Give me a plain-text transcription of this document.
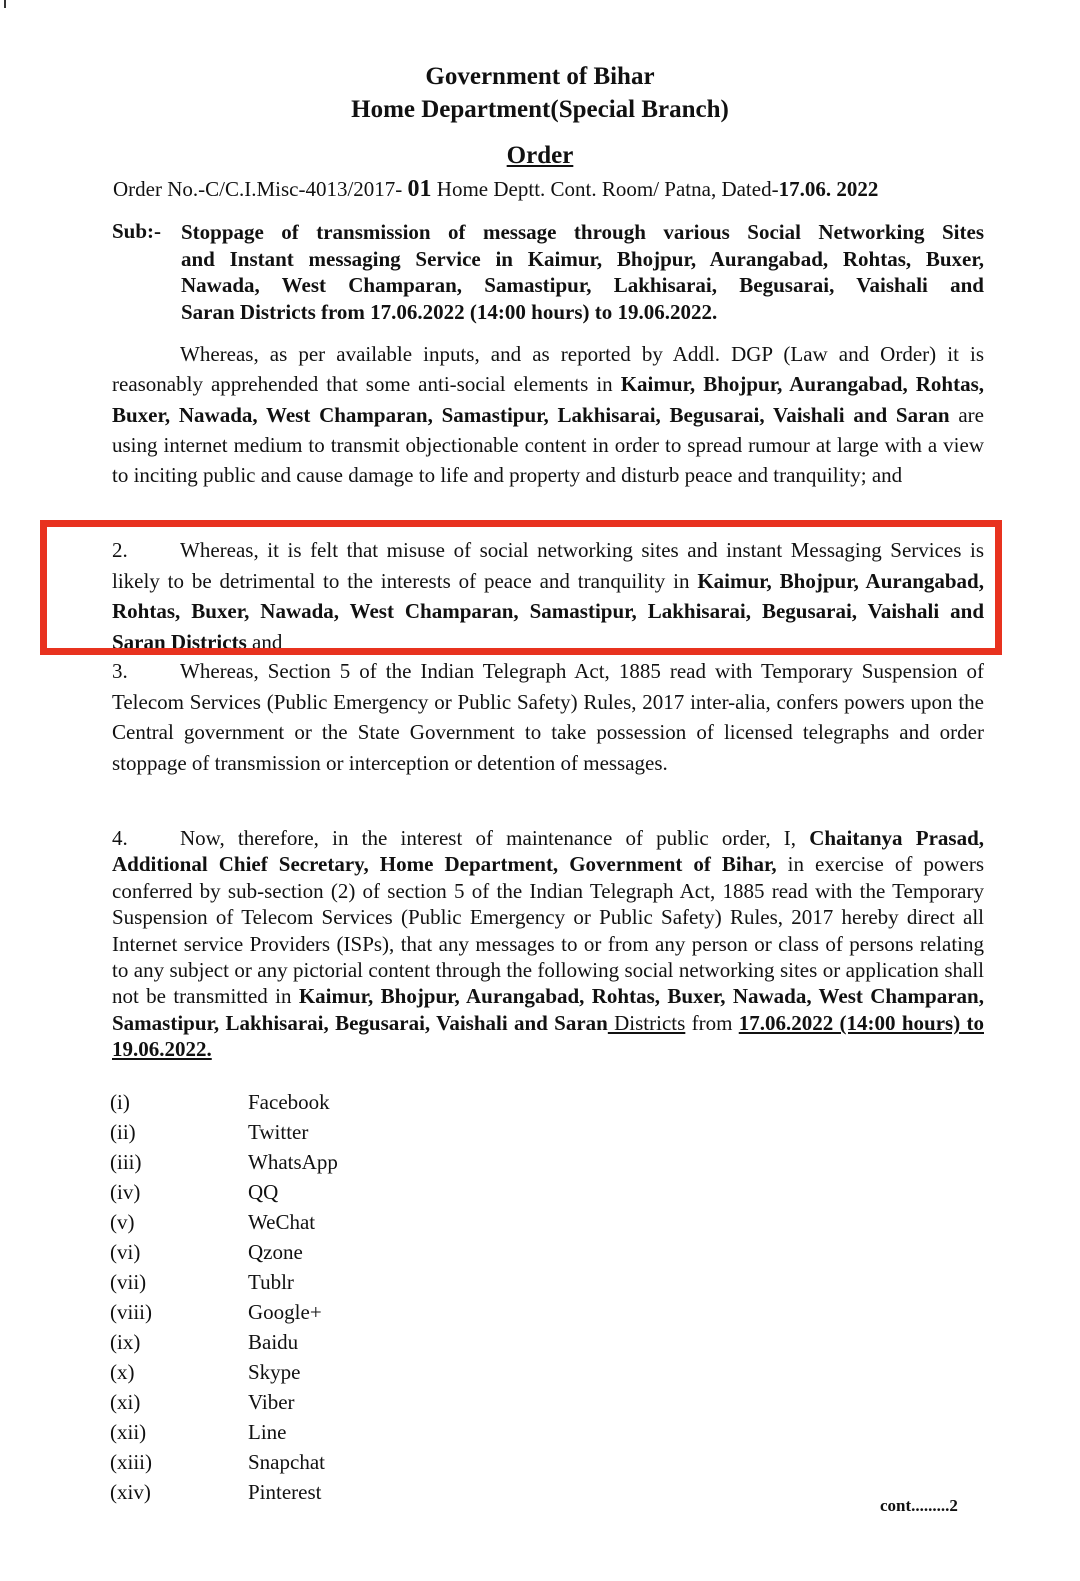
Government of Bihar
Home Department(Special Branch)
Order
Order No.-C/C.I.Misc-4013/2017- 01 Home Deptt. Cont. Room/ Patna, Dated-17.06. 2022
Sub:- Stoppage of transmission of message through various Social Networking Sites
and Instant messaging Service in Kaimur, Bhojpur, Aurangabad, Rohtas, Buxer,
Nawada, West Champaran, Samastipur, Lakhisarai, Begusarai, Vaishali and
Saran Districts from 17.06.2022 (14:00 hours) to 19.06.2022.

Whereas, as per available inputs, and as reported by Addl. DGP (Law and Order) it is reasonably apprehended that some anti-social elements in Kaimur, Bhojpur, Aurangabad, Rohtas, Buxer, Nawada, West Champaran, Samastipur, Lakhisarai, Begusarai, Vaishali and Saran are using internet medium to transmit objectionable content in order to spread rumour at large with a view to inciting public and cause damage to life and property and disturb peace and tranquility; and

2. Whereas, it is felt that misuse of social networking sites and instant Messaging Services is likely to be detrimental to the interests of peace and tranquility in Kaimur, Bhojpur, Aurangabad, Rohtas, Buxer, Nawada, West Champaran, Samastipur, Lakhisarai, Begusarai, Vaishali and Saran Districts and

3. Whereas, Section 5 of the Indian Telegraph Act, 1885 read with Temporary Suspension of Telecom Services (Public Emergency or Public Safety) Rules, 2017 inter-alia, confers powers upon the Central government or the State Government to take possession of licensed telegraphs and order stoppage of transmission or interception or detention of messages.

4. Now, therefore, in the interest of maintenance of public order, I, Chaitanya Prasad, Additional Chief Secretary, Home Department, Government of Bihar, in exercise of powers conferred by sub-section (2) of section 5 of the Indian Telegraph Act, 1885 read with the Temporary Suspension of Telecom Services (Public Emergency or Public Safety) Rules, 2017 hereby direct all Internet service Providers (ISPs), that any messages to or from any person or class of persons relating to any subject or any pictorial content through the following social networking sites or application shall not be transmitted in Kaimur, Bhojpur, Aurangabad, Rohtas, Buxer, Nawada, West Champaran, Samastipur, Lakhisarai, Begusarai, Vaishali and Saran Districts from 17.06.2022 (14:00 hours) to 19.06.2022.

(i)	Facebook
(ii)	Twitter
(iii)	WhatsApp
(iv)	QQ
(v)	WeChat
(vi)	Qzone
(vii)	Tublr
(viii)	Google+
(ix)	Baidu
(x)	Skype
(xi)	Viber
(xii)	Line
(xiii)	Snapchat
(xiv)	Pinterest
cont.........2
